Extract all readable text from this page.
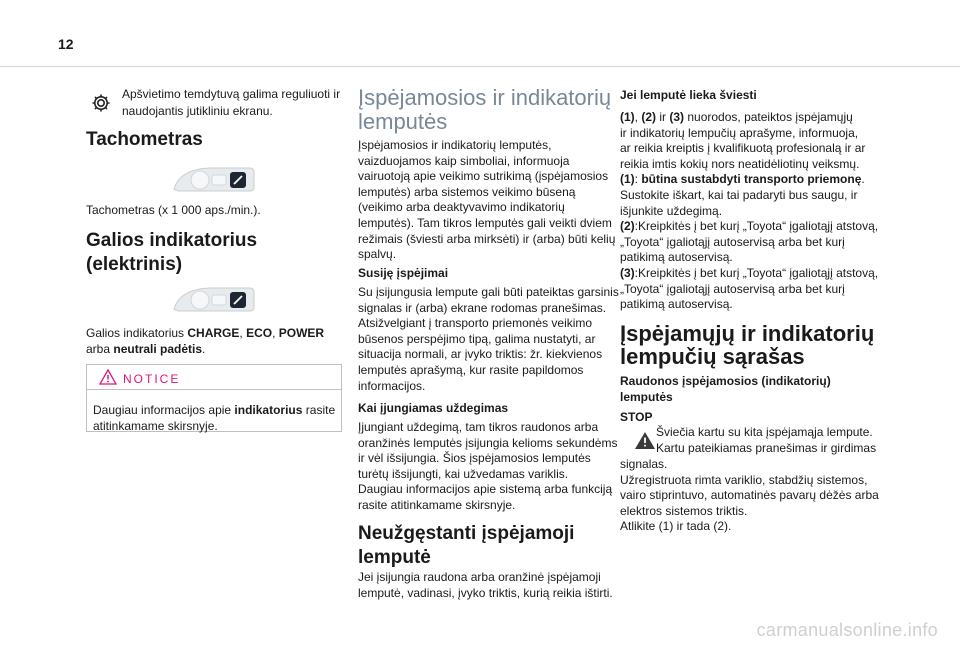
12
Apšvietimo temdytuvą galima reguliuoti ir naudojantis jutikliniu ekranu.
Tachometras
Tachometras (x 1 000 aps./min.).
Galios indikatorius
(elektrinis)
Galios indikatorius CHARGE, ECO, POWER
arba neutrali padėtis.
NOTICE
Daugiau informacijos apie indikatorius rasite atitinkamame skirsnyje.
Įspėjamosios ir indikatorių
lemputės
Įspėjamosios ir indikatorių lemputės,
vaizduojamos kaip simboliai, informuoja
vairuotoją apie veikimo sutrikimą (įspėjamosios
lemputės) arba sistemos veikimo būseną
(veikimo arba deaktyvavimo indikatorių
lemputės). Tam tikros lemputės gali veikti dviem
režimais (šviesti arba mirksėti) ir (arba) būti kelių
spalvų.
Susiję įspėjimai
Su įsijungusia lempute gali būti pateiktas garsinis
signalas ir (arba) ekrane rodomas pranešimas.
Atsižvelgiant į transporto priemonės veikimo
būsenos perspėjimo tipą, galima nustatyti, ar
situacija normali, ar įvyko triktis: žr. kiekvienos
lemputės aprašymą, kur rasite papildomos
informacijos.
Kai įjungiamas uždegimas
Įjungiant uždegimą, tam tikros raudonos arba
oranžinės lemputės įsijungia kelioms sekundėms
ir vėl išsijungia. Šios įspėjamosios lemputės
turėtų išsijungti, kai užvedamas variklis.
Daugiau informacijos apie sistemą arba funkciją
rasite atitinkamame skirsnyje.
Neužgęstanti įspėjamoji
lemputė
Jei įsijungia raudona arba oranžinė įspėjamoji
lemputė, vadinasi, įvyko triktis, kurią reikia ištirti.
Jei lemputė lieka šviesti
(1), (2) ir (3) nuorodos, pateiktos įspėjamųjų
ir indikatorių lempučių aprašyme, informuoja,
ar reikia kreiptis į kvalifikuotą profesionalą ir ar
reikia imtis kokių nors neatidėliotinų veiksmų.
(1): būtina sustabdyti transporto priemonę.
Sustokite iškart, kai tai padaryti bus saugu, ir
išjunkite uždegimą.
(2):Kreipkitės į bet kurį „Toyota“ įgaliotąjį atstovą,
„Toyota“ įgaliotąjį autoservisą arba bet kurį
patikimą autoservisą.
(3):Kreipkitės į bet kurį „Toyota“ įgaliotąjį atstovą,
„Toyota“ įgaliotąjį autoservisą arba bet kurį
patikimą autoservisą.
Įspėjamųjų ir indikatorių
lempučių sąrašas
Raudonos įspėjamosios (indikatorių)
lemputės
STOP
Šviečia kartu su kita įspėjamąja lempute.
Kartu pateikiamas pranešimas ir girdimas
signalas.
Užregistruota rimta variklio, stabdžių sistemos,
vairo stiprintuvo, automatinės pavarų dėžės arba
elektros sistemos triktis.
Atlikite (1) ir tada (2).
carmanualsonline.info
